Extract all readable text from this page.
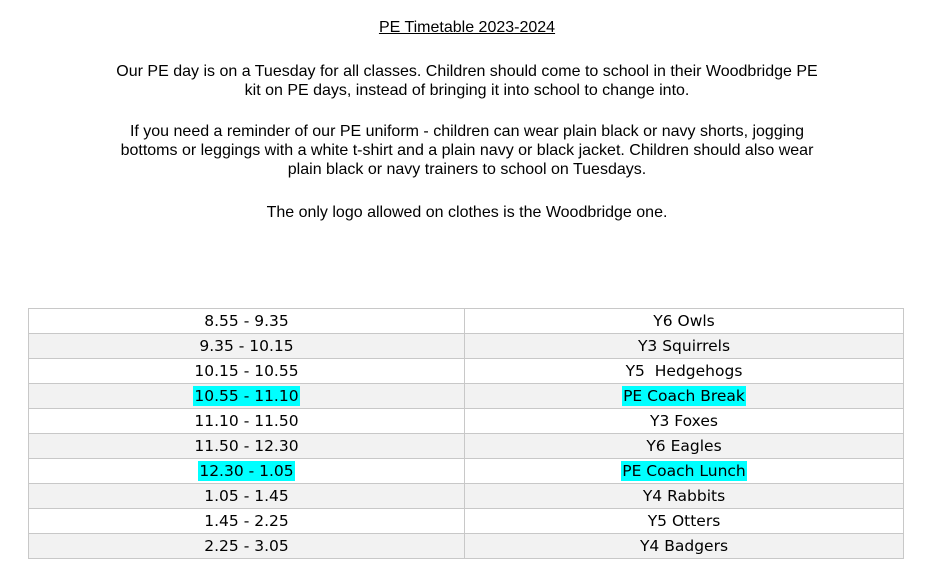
PE Timetable 2023-2024
Our PE day is on a Tuesday for all classes. Children should come to school in their Woodbridge PE
kit on PE days, instead of bringing it into school to change into.
If you need a reminder of our PE uniform - children can wear plain black or navy shorts, jogging
bottoms or leggings with a white t-shirt and a plain navy or black jacket. Children should also wear
plain black or navy trainers to school on Tuesdays.
The only logo allowed on clothes is the Woodbridge one.
8.55 - 9.35	Y6 Owls
9.35 - 10.15	Y3 Squirrels
10.15 - 10.55	Y5  Hedgehogs
10.55 - 11.10	PE Coach Break
11.10 - 11.50	Y3 Foxes
11.50 - 12.30	Y6 Eagles
12.30 - 1.05	PE Coach Lunch
1.05 - 1.45	Y4 Rabbits
1.45 - 2.25	Y5 Otters
2.25 - 3.05	Y4 Badgers
